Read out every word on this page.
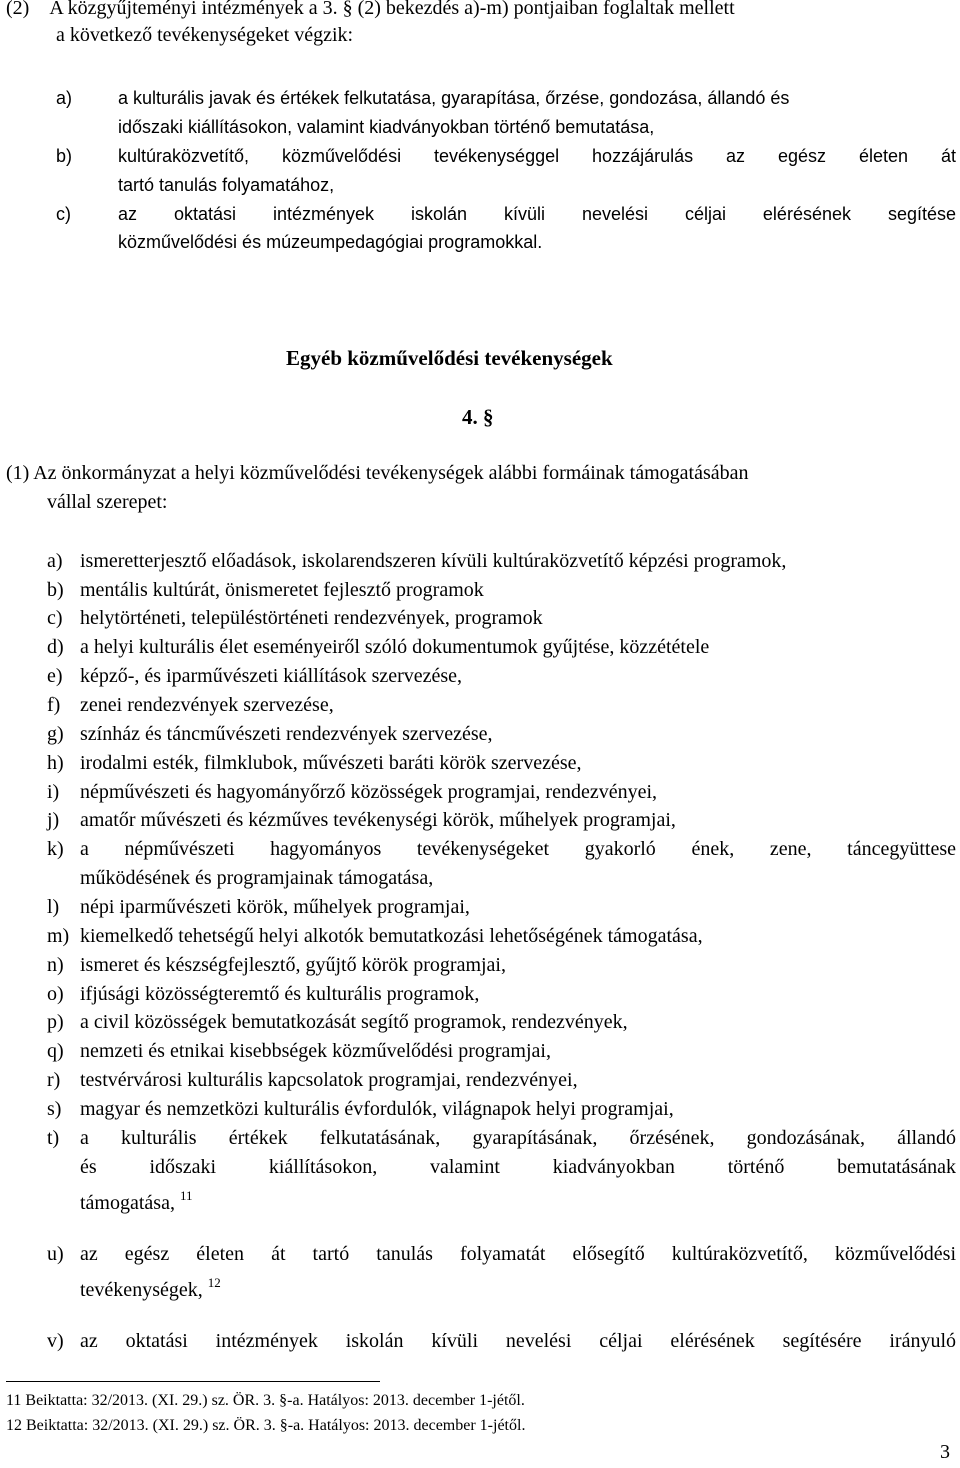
(2)    A közgyűjteményi intézmények a 3. § (2) bekezdés a)-m) pontjaiban foglaltak mellett
a következő tevékenységeket végzik:
a)	a kulturális javak és értékek felkutatása, gyarapítása, őrzése, gondozása, állandó és
időszaki kiállításokon, valamint kiadványokban történő bemutatása,
b)	kultúraközvetítő, közművelődési tevékenységgel hozzájárulás az egész életen át
tartó tanulás folyamatához,
c)	az oktatási intézmények iskolán kívüli nevelési céljai elérésének segítése
közművelődési és múzeumpedagógiai programokkal.
Egyéb közművelődési tevékenységek
4. §
(1) Az önkormányzat a helyi közművelődési tevékenységek alábbi formáinak támogatásában
vállal szerepet:
a) ismeretterjesztő előadások, iskolarendszeren kívüli kultúraközvetítő képzési programok,
b) mentális kultúrát, önismeretet fejlesztő programok
c) helytörténeti, településtörténeti rendezvények, programok
d) a helyi kulturális élet eseményeiről szóló dokumentumok gyűjtése, közzététele
e) képző-, és iparművészeti kiállítások szervezése,
f) zenei rendezvények szervezése,
g) színház és táncművészeti rendezvények szervezése,
h) irodalmi esték, filmklubok, művészeti baráti körök szervezése,
i) népművészeti és hagyományőrző közösségek programjai, rendezvényei,
j) amatőr művészeti és kézműves tevékenységi körök, műhelyek programjai,
k) a népművészeti hagyományos tevékenységeket gyakorló ének, zene, táncegyüttese
működésének és programjainak támogatása,
l) népi iparművészeti körök, műhelyek programjai,
m) kiemelkedő tehetségű helyi alkotók bemutatkozási lehetőségének támogatása,
n) ismeret és készségfejlesztő, gyűjtő körök programjai,
o) ifjúsági közösségteremtő és kulturális programok,
p) a civil közösségek bemutatkozását segítő programok, rendezvények,
q) nemzeti és etnikai kisebbségek közművelődési programjai,
r) testvérvárosi kulturális kapcsolatok programjai, rendezvényei,
s) magyar és nemzetközi kulturális évfordulók, világnapok helyi programjai,
t) a kulturális értékek felkutatásának, gyarapításának, őrzésének, gondozásának, állandó
és időszaki kiállításokon, valamint kiadványokban történő bemutatásának
támogatása, $^{11}$
u) az egész életen át tartó tanulás folyamatát elősegítő kultúraközvetítő, közművelődési
tevékenységek, $^{12}$
v) az oktatási intézmények iskolán kívüli nevelési céljai elérésének segítésére irányuló
11 Beiktatta: 32/2013. (XI. 29.) sz. ÖR. 3. §-a. Hatályos: 2013. december 1-jétől.
12 Beiktatta: 32/2013. (XI. 29.) sz. ÖR. 3. §-a. Hatályos: 2013. december 1-jétől.
3
